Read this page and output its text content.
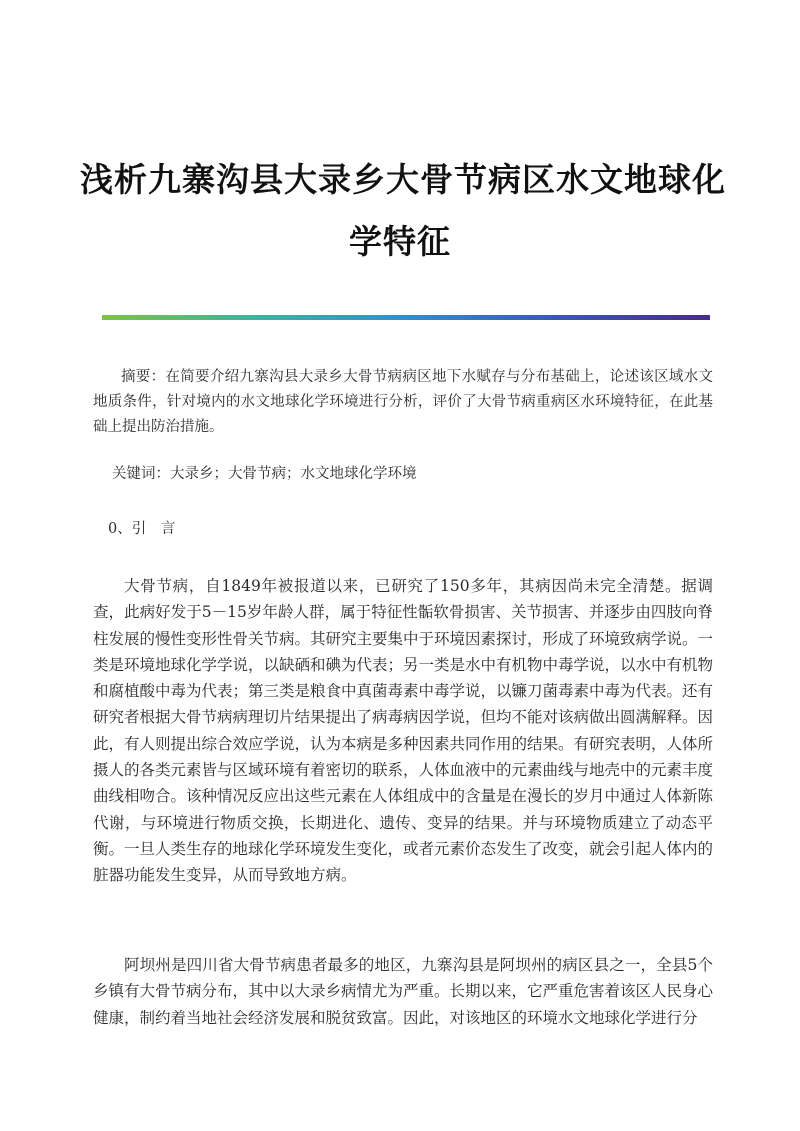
浅析九寨沟县大录乡大骨节病区水文地球化
学特征
摘要：在简要介绍九寨沟县大录乡大骨节病病区地下水赋存与分布基础上，论述该区域水文地质条件，针对境内的水文地球化学环境进行分析，评价了大骨节病重病区水环境特征，在此基础上提出防治措施。
关键词：大录乡；大骨节病；水文地球化学环境
0、引　言
大骨节病，自1849年被报道以来，已研究了150多年，其病因尚未完全清楚。据调查，此病好发于5－15岁年龄人群，属于特征性骺软骨损害、关节损害、并逐步由四肢向脊柱发展的慢性变形性骨关节病。其研究主要集中于环境因素探讨，形成了环境致病学说。一类是环境地球化学学说，以缺硒和碘为代表；另一类是水中有机物中毒学说，以水中有机物和腐植酸中毒为代表；第三类是粮食中真菌毒素中毒学说，以镰刀菌毒素中毒为代表。还有研究者根据大骨节病病理切片结果提出了病毒病因学说，但均不能对该病做出圆满解释。因此，有人则提出综合效应学说，认为本病是多种因素共同作用的结果。有研究表明，人体所摄人的各类元素皆与区域环境有着密切的联系，人体血液中的元素曲线与地壳中的元素丰度曲线相吻合。该种情况反应出这些元素在人体组成中的含量是在漫长的岁月中通过人体新陈代谢，与环境进行物质交换，长期进化、遗传、变异的结果。并与环境物质建立了动态平衡。一旦人类生存的地球化学环境发生变化，或者元素价态发生了改变，就会引起人体内的脏器功能发生变异，从而导致地方病。
阿坝州是四川省大骨节病患者最多的地区，九寨沟县是阿坝州的病区县之一，全县5个乡镇有大骨节病分布，其中以大录乡病情尤为严重。长期以来，它严重危害着该区人民身心健康，制约着当地社会经济发展和脱贫致富。因此，对该地区的环境水文地球化学进行分
